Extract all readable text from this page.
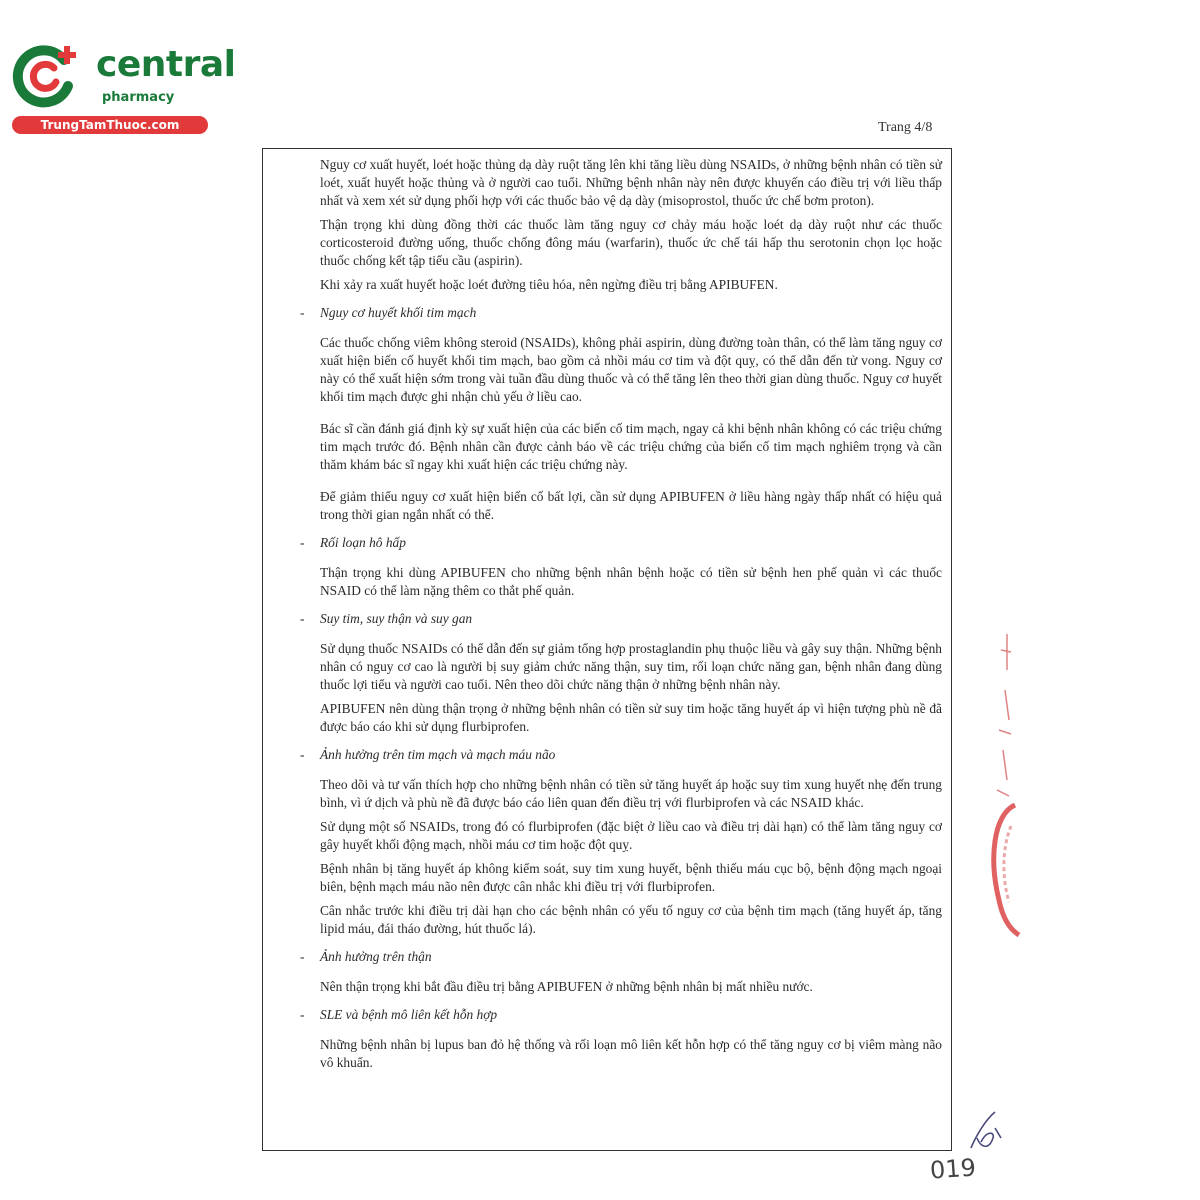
central
pharmacy
TrungTamThuoc.com	Trang 4/8

Nguy cơ xuất huyết, loét hoặc thủng dạ dày ruột tăng lên khi tăng liều dùng NSAIDs, ở những bệnh nhân có tiền sử loét, xuất huyết hoặc thủng và ở người cao tuổi. Những bệnh nhân này nên được khuyến cáo điều trị với liều thấp nhất và xem xét sử dụng phối hợp với các thuốc bảo vệ dạ dày (misoprostol, thuốc ức chế bơm proton).

Thận trọng khi dùng đồng thời các thuốc làm tăng nguy cơ chảy máu hoặc loét dạ dày ruột như các thuốc corticosteroid đường uống, thuốc chống đông máu (warfarin), thuốc ức chế tái hấp thu serotonin chọn lọc hoặc thuốc chống kết tập tiểu cầu (aspirin).

Khi xảy ra xuất huyết hoặc loét đường tiêu hóa, nên ngừng điều trị bằng APIBUFEN.

- Nguy cơ huyết khối tim mạch

Các thuốc chống viêm không steroid (NSAIDs), không phải aspirin, dùng đường toàn thân, có thể làm tăng nguy cơ xuất hiện biến cố huyết khối tim mạch, bao gồm cả nhồi máu cơ tim và đột quỵ, có thể dẫn đến tử vong. Nguy cơ này có thể xuất hiện sớm trong vài tuần đầu dùng thuốc và có thể tăng lên theo thời gian dùng thuốc. Nguy cơ huyết khối tim mạch được ghi nhận chủ yếu ở liều cao.

Bác sĩ cần đánh giá định kỳ sự xuất hiện của các biến cố tim mạch, ngay cả khi bệnh nhân không có các triệu chứng tim mạch trước đó. Bệnh nhân cần được cảnh báo về các triệu chứng của biến cố tim mạch nghiêm trọng và cần thăm khám bác sĩ ngay khi xuất hiện các triệu chứng này.

Để giảm thiểu nguy cơ xuất hiện biến cố bất lợi, cần sử dụng APIBUFEN ở liều hàng ngày thấp nhất có hiệu quả trong thời gian ngắn nhất có thể.

- Rối loạn hô hấp

Thận trọng khi dùng APIBUFEN cho những bệnh nhân bệnh hoặc có tiền sử bệnh hen phế quản vì các thuốc NSAID có thể làm nặng thêm co thắt phế quản.

- Suy tim, suy thận và suy gan

Sử dụng thuốc NSAIDs có thể dẫn đến sự giảm tổng hợp prostaglandin phụ thuộc liều và gây suy thận. Những bệnh nhân có nguy cơ cao là người bị suy giảm chức năng thận, suy tim, rối loạn chức năng gan, bệnh nhân đang dùng thuốc lợi tiểu và người cao tuổi. Nên theo dõi chức năng thận ở những bệnh nhân này.

APIBUFEN nên dùng thận trọng ở những bệnh nhân có tiền sử suy tim hoặc tăng huyết áp vì hiện tượng phù nề đã được báo cáo khi sử dụng flurbiprofen.

- Ảnh hưởng trên tim mạch và mạch máu não

Theo dõi và tư vấn thích hợp cho những bệnh nhân có tiền sử tăng huyết áp hoặc suy tim xung huyết nhẹ đến trung bình, vì ứ dịch và phù nề đã được báo cáo liên quan đến điều trị với flurbiprofen và các NSAID khác.

Sử dụng một số NSAIDs, trong đó có flurbiprofen (đặc biệt ở liều cao và điều trị dài hạn) có thể làm tăng nguy cơ gây huyết khối động mạch, nhồi máu cơ tim hoặc đột quỵ.

Bệnh nhân bị tăng huyết áp không kiểm soát, suy tim xung huyết, bệnh thiếu máu cục bộ, bệnh động mạch ngoại biên, bệnh mạch máu não nên được cân nhắc khi điều trị với flurbiprofen.

Cân nhắc trước khi điều trị dài hạn cho các bệnh nhân có yếu tố nguy cơ của bệnh tim mạch (tăng huyết áp, tăng lipid máu, đái tháo đường, hút thuốc lá).

- Ảnh hưởng trên thận

Nên thận trọng khi bắt đầu điều trị bằng APIBUFEN ở những bệnh nhân bị mất nhiều nước.

- SLE và bệnh mô liên kết hỗn hợp

Những bệnh nhân bị lupus ban đỏ hệ thống và rối loạn mô liên kết hỗn hợp có thể tăng nguy cơ bị viêm màng não vô khuẩn.

019
